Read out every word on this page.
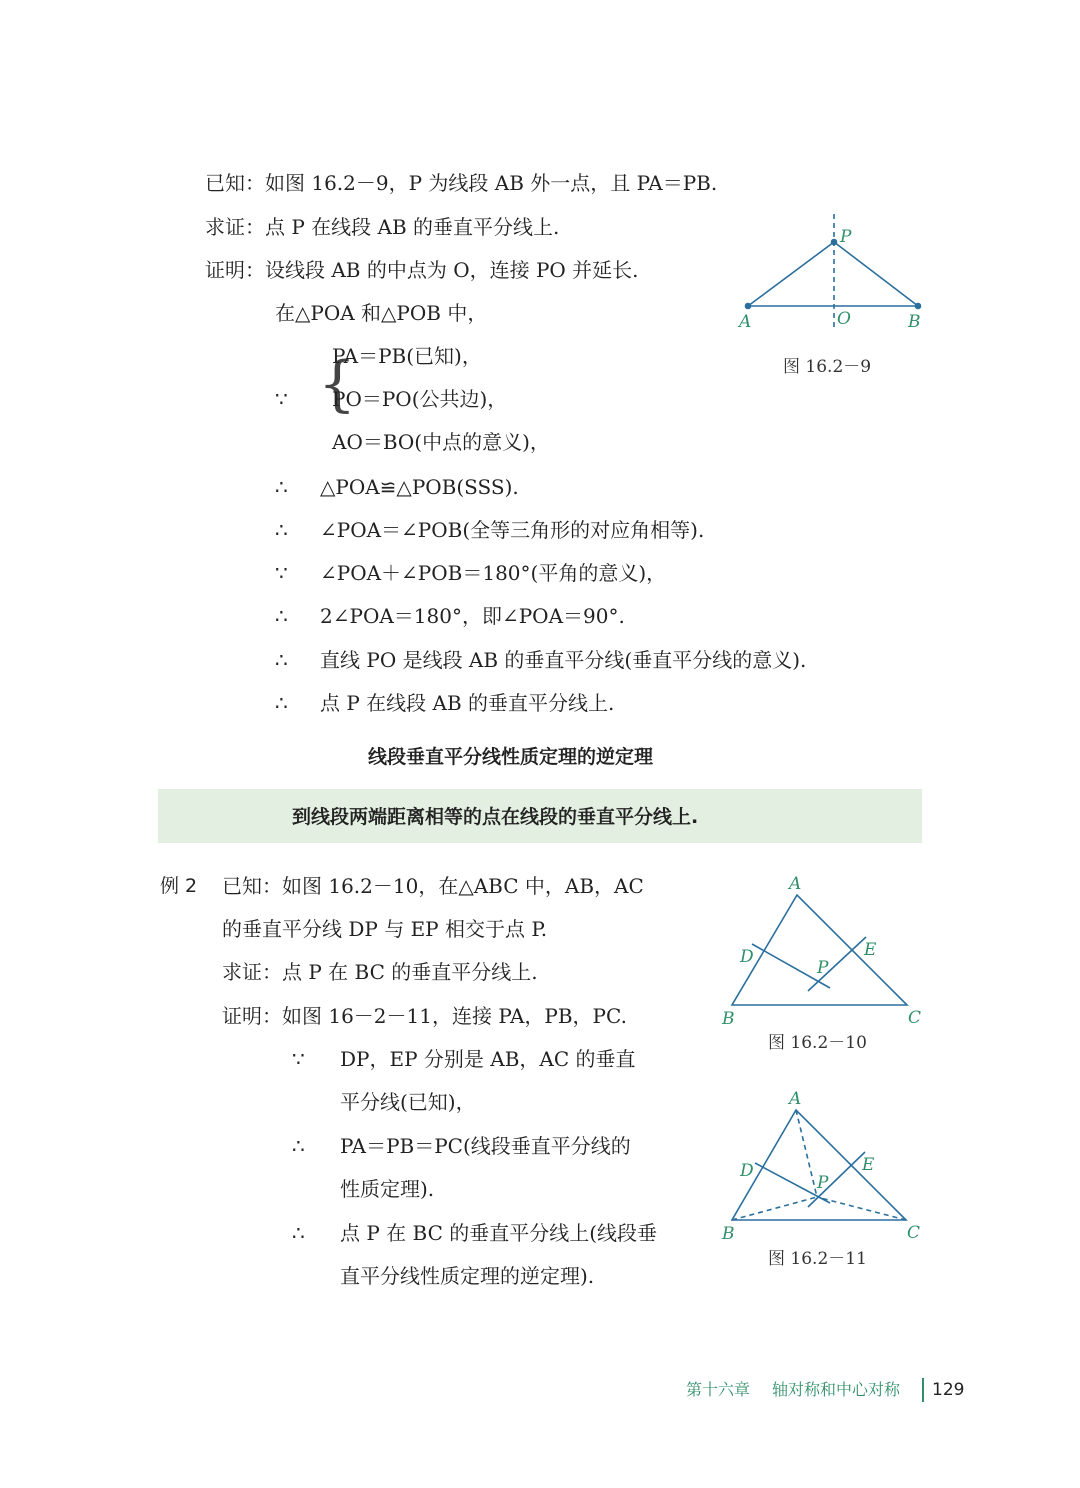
已知：如图 16.2－9，P 为线段 AB 外一点，且 PA＝PB.
求证：点 P 在线段 AB 的垂直平分线上.
证明：设线段 AB 的中点为 O，连接 PO 并延长.
在△POA 和△POB 中，
{
PA＝PB(已知)，
∵ PO＝PO(公共边)，
AO＝BO(中点的意义)，
∴ △POA≌△POB(SSS).
∴ ∠POA＝∠POB(全等三角形的对应角相等).
∵ ∠POA＋∠POB＝180°(平角的意义)，
∴ 2∠POA＝180°，即∠POA＝90°.
∴ 直线 PO 是线段 AB 的垂直平分线(垂直平分线的意义).
∴ 点 P 在线段 AB 的垂直平分线上.
图 16.2－9
线段垂直平分线性质定理的逆定理
到线段两端距离相等的点在线段的垂直平分线上.
例 2 已知：如图 16.2－10，在△ABC 中，AB，AC
的垂直平分线 DP 与 EP 相交于点 P.
求证：点 P 在 BC 的垂直平分线上.
证明：如图 16－2－11，连接 PA，PB，PC.
∵ DP，EP 分别是 AB，AC 的垂直
平分线(已知)，
∴ PA＝PB＝PC(线段垂直平分线的
性质定理).
∴ 点 P 在 BC 的垂直平分线上(线段垂
直平分线性质定理的逆定理).
图 16.2－10
图 16.2－11
P
A	O	B
A
B	C
D	E
P
A
B	C
D	E
P
第十六章 轴对称和中心对称 129
